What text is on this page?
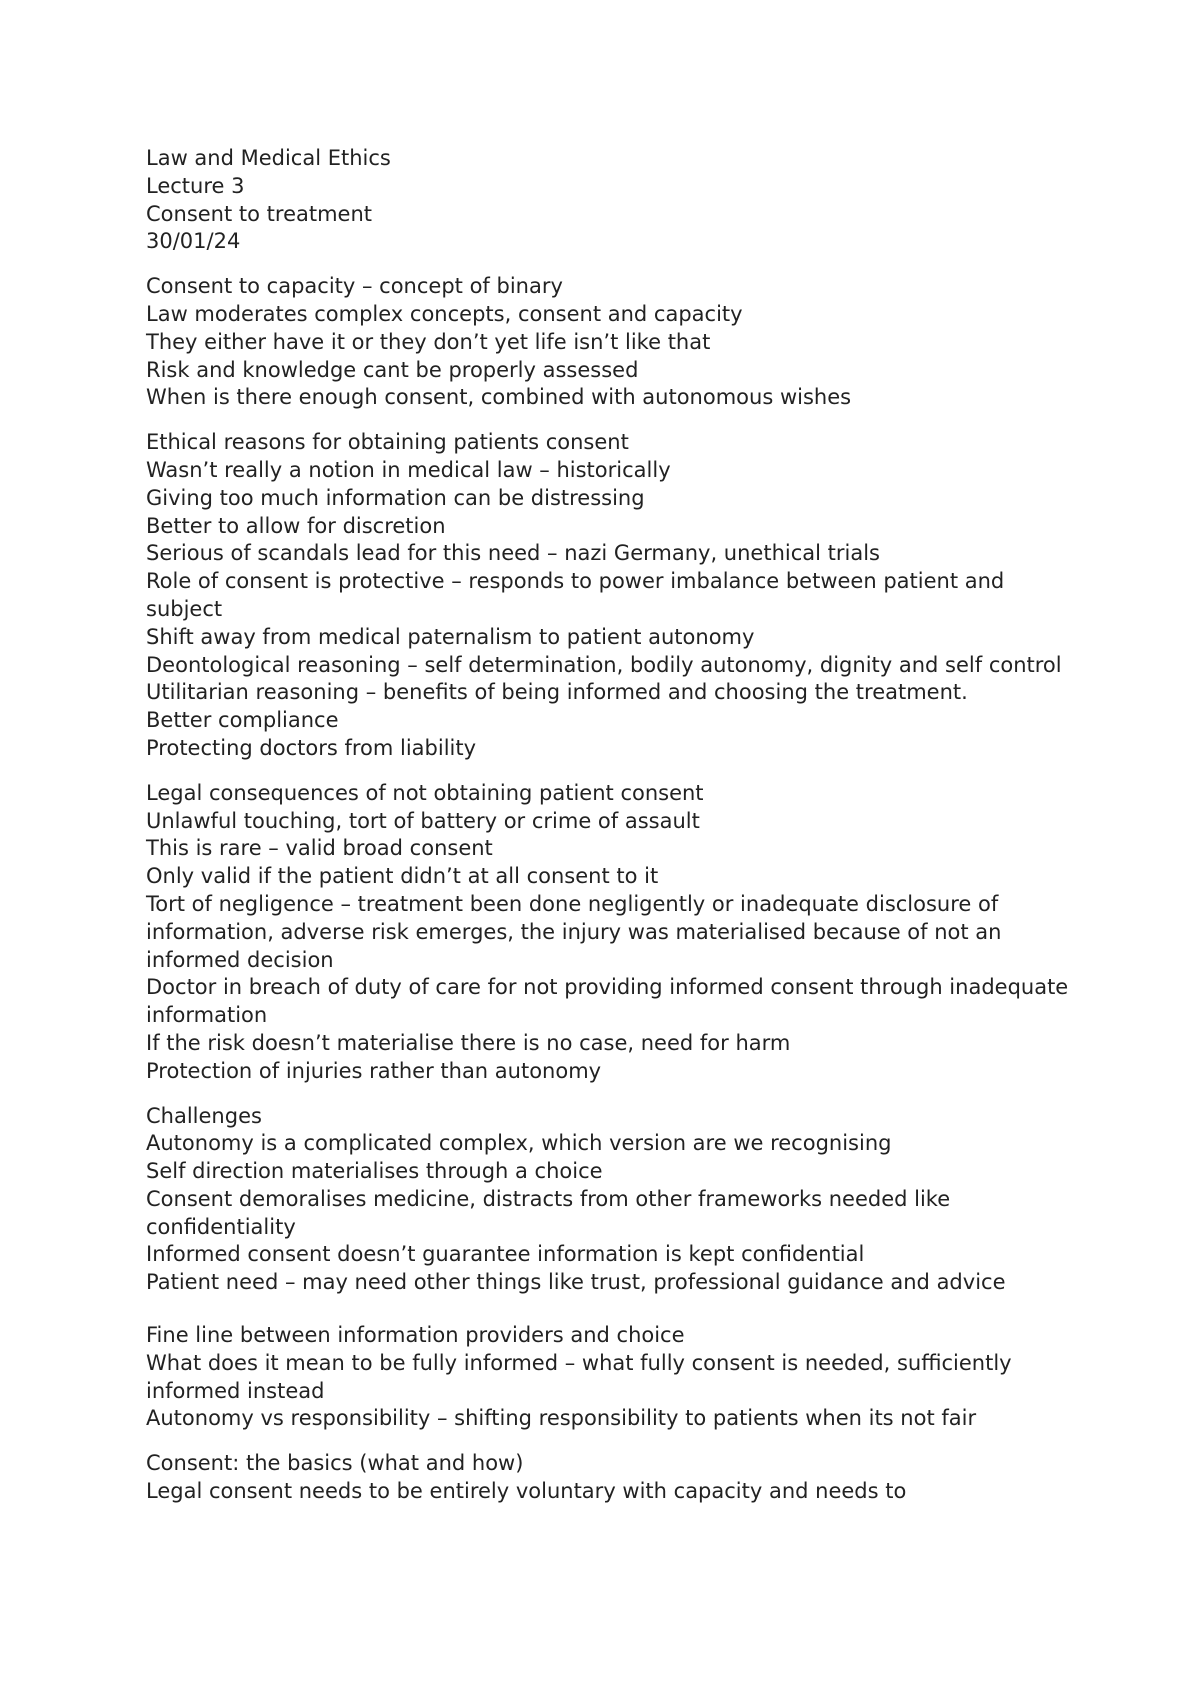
Law and Medical Ethics
Lecture 3
Consent to treatment
30/01/24
Consent to capacity – concept of binary
Law moderates complex concepts, consent and capacity
They either have it or they don’t yet life isn’t like that
Risk and knowledge cant be properly assessed
When is there enough consent, combined with autonomous wishes
Ethical reasons for obtaining patients consent
Wasn’t really a notion in medical law – historically
Giving too much information can be distressing
Better to allow for discretion
Serious of scandals lead for this need – nazi Germany, unethical trials
Role of consent is protective – responds to power imbalance between patient and subject
Shift away from medical paternalism to patient autonomy
Deontological reasoning – self determination, bodily autonomy, dignity and self control
Utilitarian reasoning – benefits of being informed and choosing the treatment.
Better compliance
Protecting doctors from liability
Legal consequences of not obtaining patient consent
Unlawful touching, tort of battery or crime of assault
This is rare – valid broad consent
Only valid if the patient didn’t at all consent to it
Tort of negligence – treatment been done negligently or inadequate disclosure of information, adverse risk emerges, the injury was materialised because of not an informed decision
Doctor in breach of duty of care for not providing informed consent through inadequate information
If the risk doesn’t materialise there is no case, need for harm
Protection of injuries rather than autonomy
Challenges
Autonomy is a complicated complex, which version are we recognising
Self direction materialises through a choice
Consent demoralises medicine, distracts from other frameworks needed like confidentiality
Informed consent doesn’t guarantee information is kept confidential
Patient need – may need other things like trust, professional guidance and advice
Fine line between information providers and choice
What does it mean to be fully informed – what fully consent is needed, sufficiently informed instead
Autonomy vs responsibility – shifting responsibility to patients when its not fair
Consent: the basics (what and how)
Legal consent needs to be entirely voluntary with capacity and needs to
